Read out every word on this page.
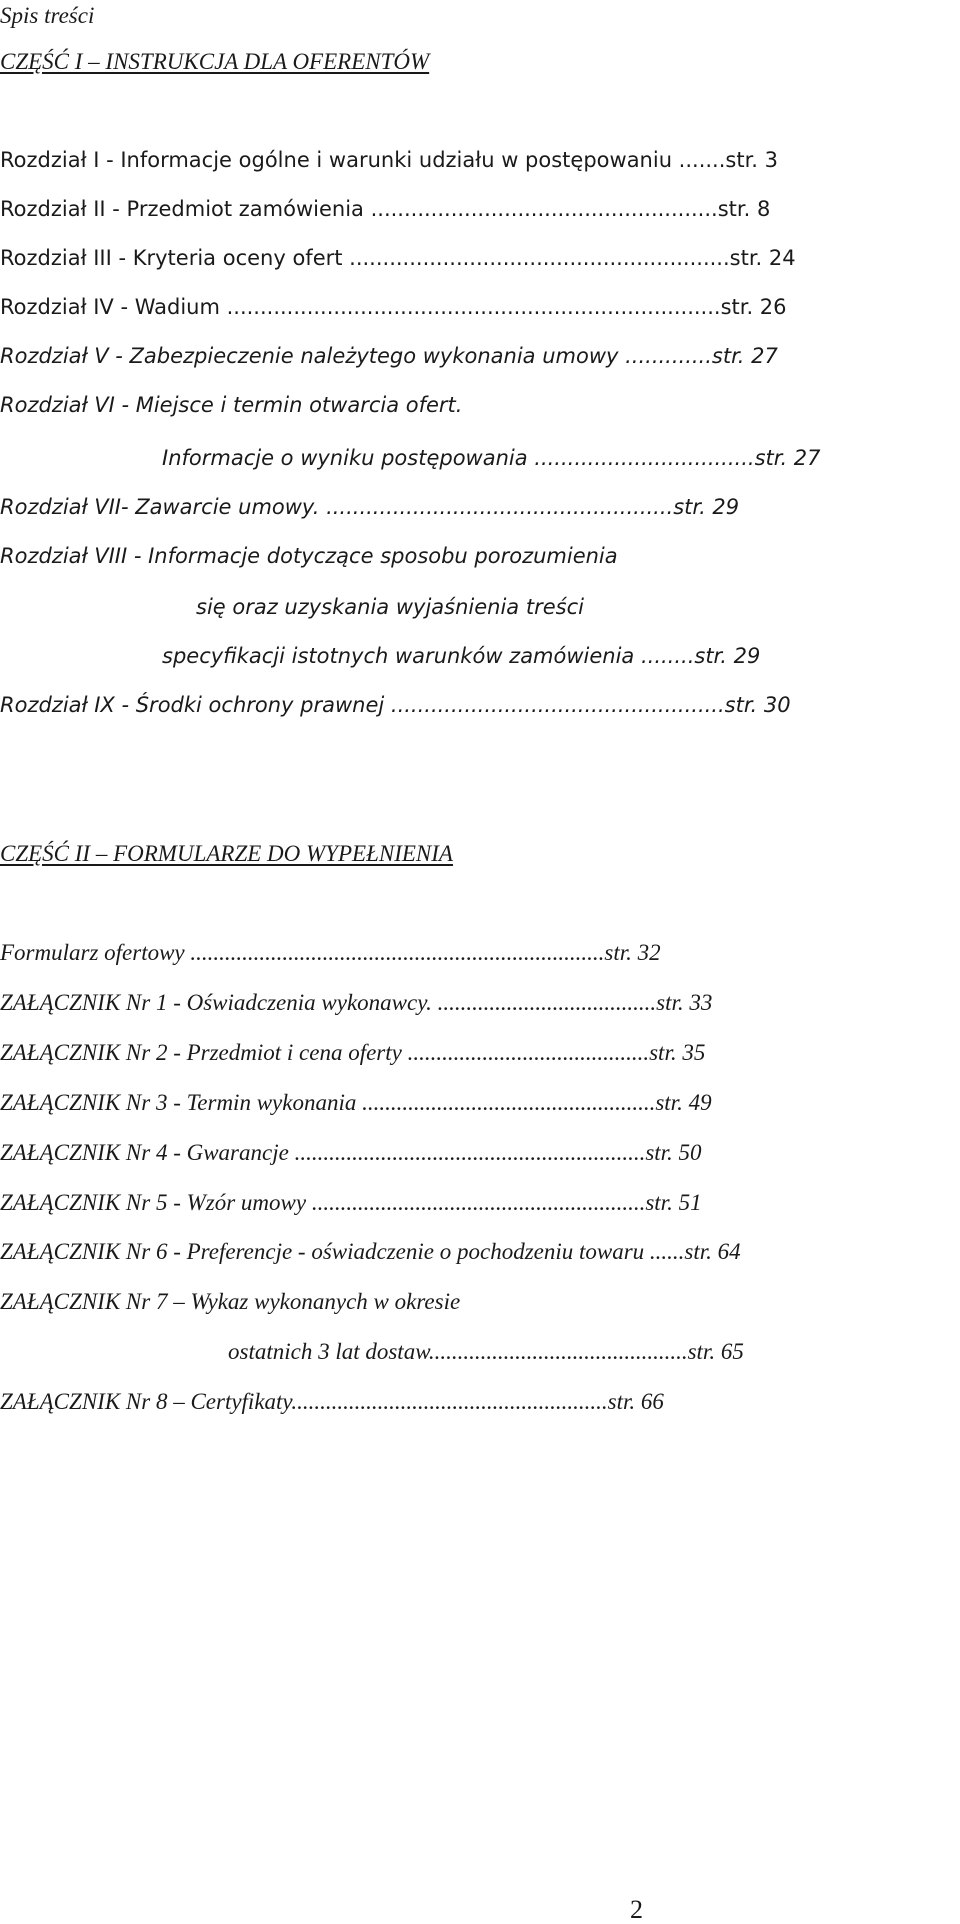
Spis treści
CZĘŚĆ I – INSTRUKCJA DLA OFERENTÓW
Rozdział I - Informacje ogólne i warunki udziału w postępowaniu .......str. 3
Rozdział II - Przedmiot zamówienia ....................................................str. 8
Rozdział III - Kryteria oceny ofert .........................................................str. 24
Rozdział IV - Wadium ..........................................................................str. 26
Rozdział V - Zabezpieczenie należytego wykonania umowy .............str. 27
Rozdział VI - Miejsce i termin otwarcia ofert.
Informacje o wyniku postępowania .................................str. 27
Rozdział VII- Zawarcie umowy. ....................................................str. 29
Rozdział VIII - Informacje dotyczące sposobu porozumienia
się oraz uzyskania wyjaśnienia treści
specyfikacji istotnych warunków zamówienia ........str. 29
Rozdział IX - Środki ochrony prawnej ..................................................str. 30
CZĘŚĆ II – FORMULARZE DO WYPEŁNIENIA
Formularz ofertowy ........................................................................str. 32
ZAŁĄCZNIK Nr 1 - Oświadczenia wykonawcy. ......................................str. 33
ZAŁĄCZNIK Nr 2 - Przedmiot i cena oferty ..........................................str. 35
ZAŁĄCZNIK Nr 3 - Termin wykonania ...................................................str. 49
ZAŁĄCZNIK Nr 4 - Gwarancje .............................................................str. 50
ZAŁĄCZNIK Nr 5 - Wzór umowy ..........................................................str. 51
ZAŁĄCZNIK Nr 6 - Preferencje - oświadczenie o pochodzeniu towaru ......str. 64
ZAŁĄCZNIK Nr 7 – Wykaz wykonanych w okresie
ostatnich 3 lat dostaw.............................................str. 65
ZAŁĄCZNIK Nr 8 – Certyfikaty.......................................................str. 66
2
